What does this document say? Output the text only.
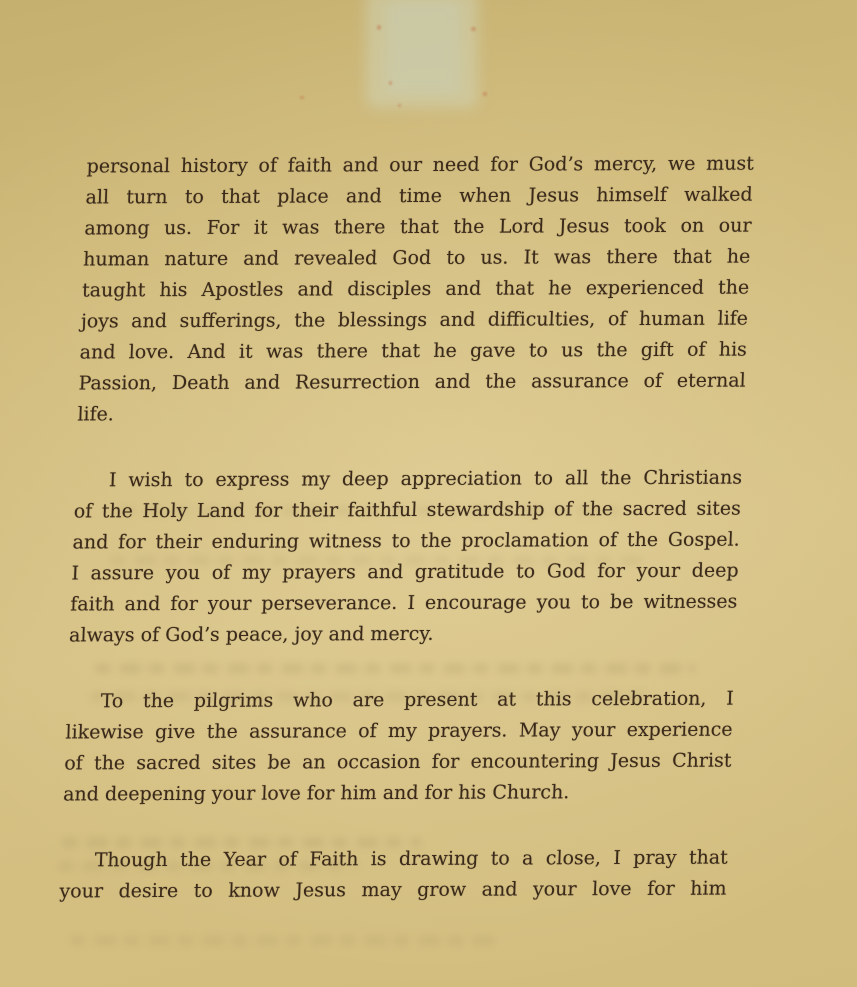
personal history of faith and our need for God’s mercy, we must
all turn to that place and time when Jesus himself walked
among us. For it was there that the Lord Jesus took on our
human nature and revealed God to us. It was there that he
taught his Apostles and disciples and that he experienced the
joys and sufferings, the blessings and difficulties, of human life
and love. And it was there that he gave to us the gift of his
Passion, Death and Resurrection and the assurance of eternal
life.
I wish to express my deep appreciation to all the Christians
of the Holy Land for their faithful stewardship of the sacred sites
and for their enduring witness to the proclamation of the Gospel.
I assure you of my prayers and gratitude to God for your deep
faith and for your perseverance. I encourage you to be witnesses
always of God’s peace, joy and mercy.
To the pilgrims who are present at this celebration, I
likewise give the assurance of my prayers. May your experience
of the sacred sites be an occasion for encountering Jesus Christ
and deepening your love for him and for his Church.
Though the Year of Faith is drawing to a close, I pray that
your desire to know Jesus may grow and your love for him
